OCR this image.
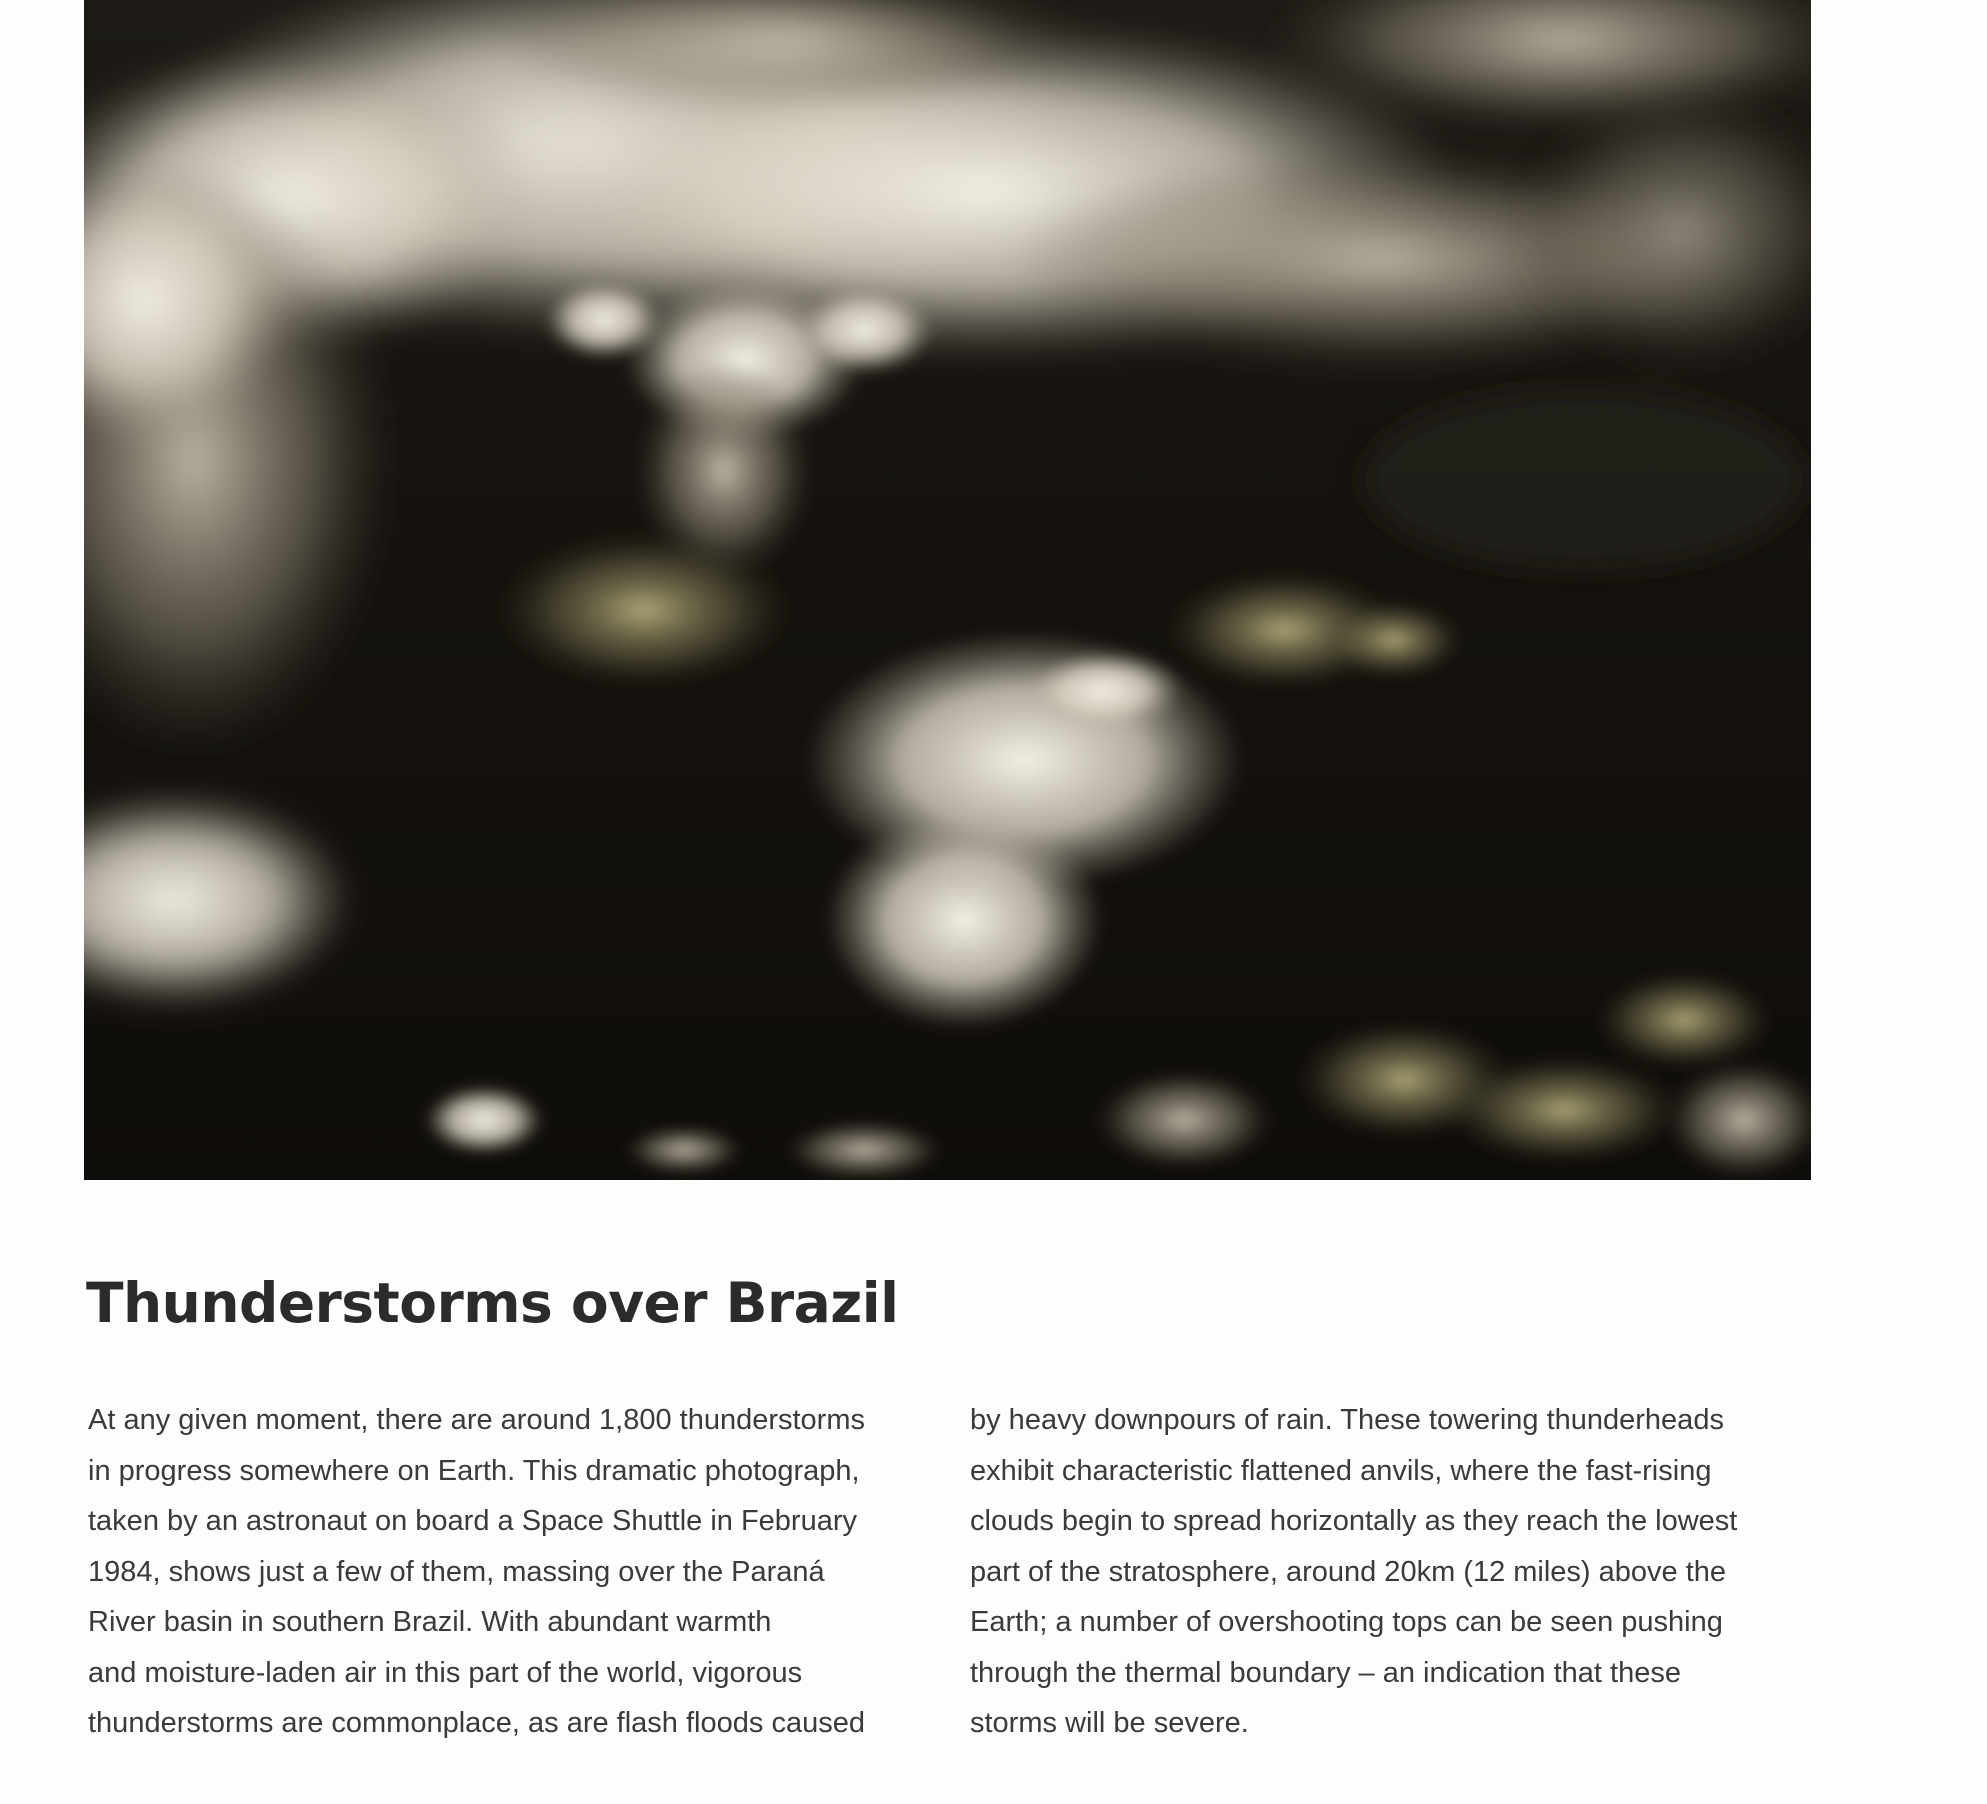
Thunderstorms over Brazil
At any given moment, there are around 1,800 thunderstorms
in progress somewhere on Earth. This dramatic photograph,
taken by an astronaut on board a Space Shuttle in February
1984, shows just a few of them, massing over the Paraná
River basin in southern Brazil. With abundant warmth
and moisture-laden air in this part of the world, vigorous
thunderstorms are commonplace, as are flash floods caused
by heavy downpours of rain. These towering thunderheads
exhibit characteristic flattened anvils, where the fast-rising
clouds begin to spread horizontally as they reach the lowest
part of the stratosphere, around 20km (12 miles) above the
Earth; a number of overshooting tops can be seen pushing
through the thermal boundary – an indication that these
storms will be severe.
